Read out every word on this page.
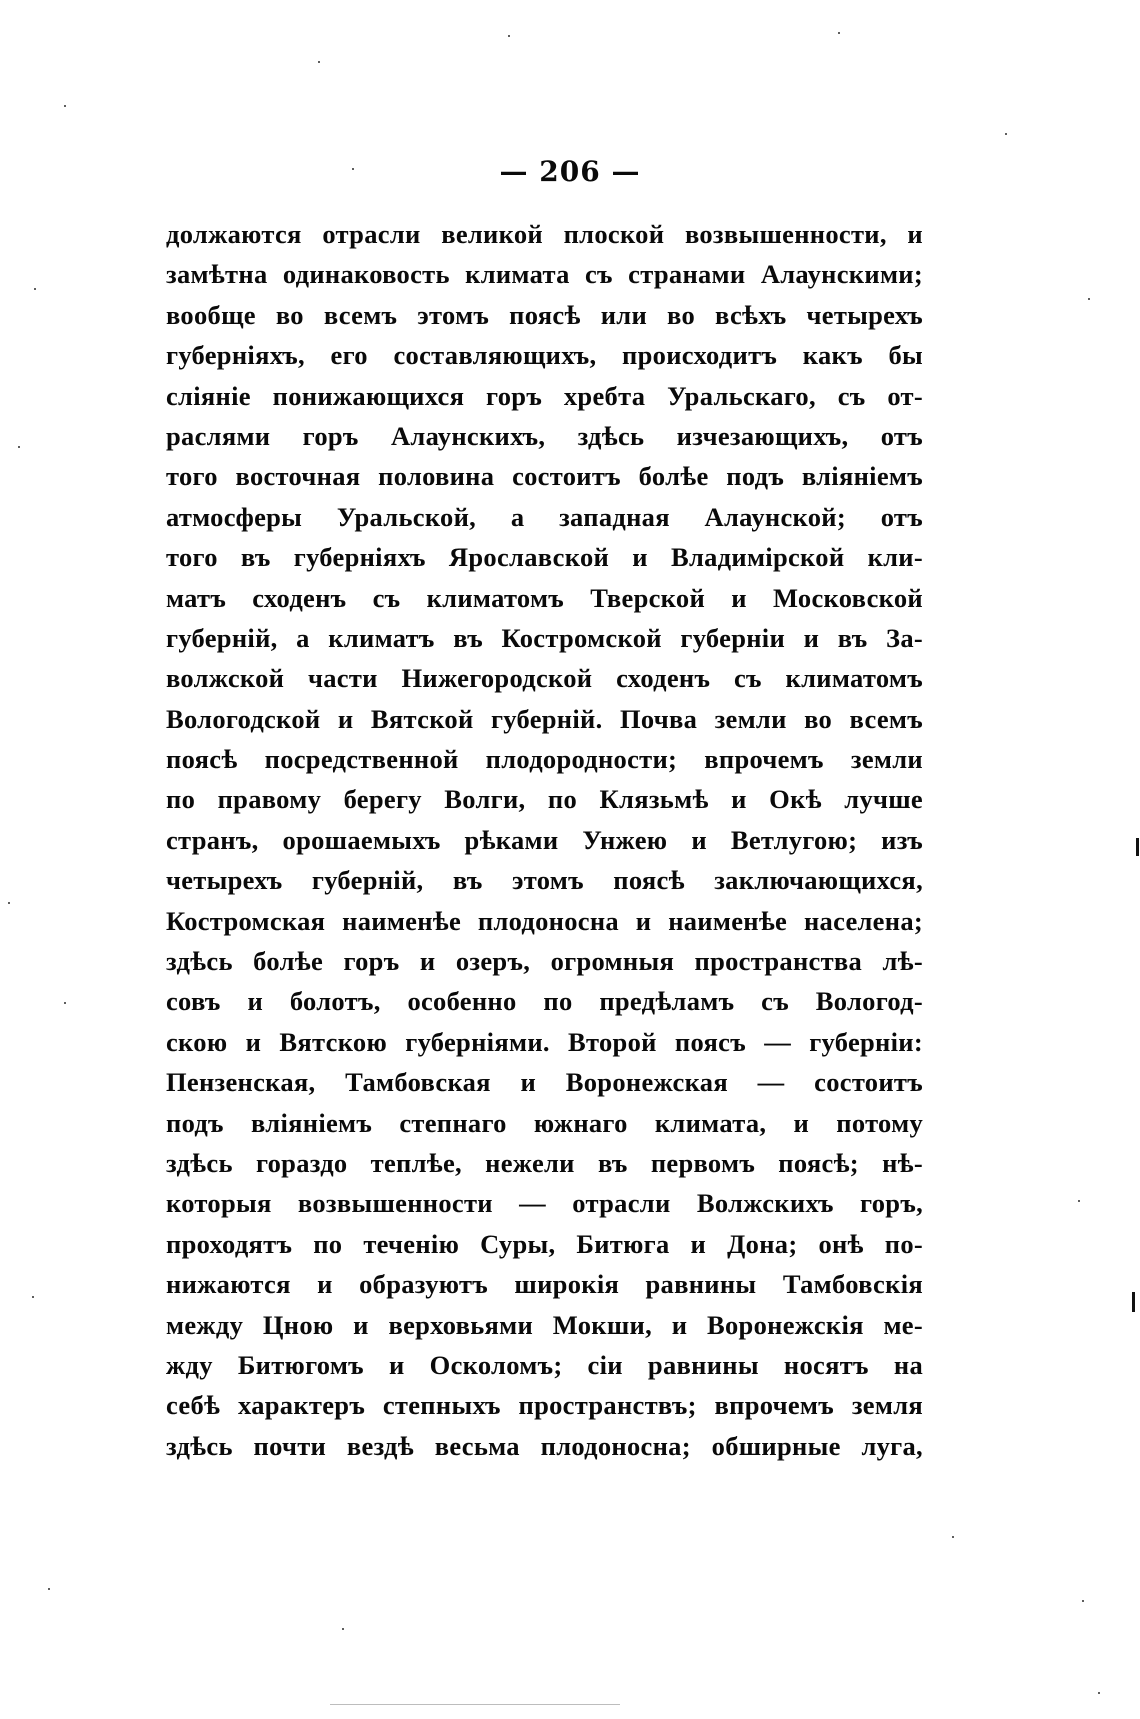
— 206 —
должаются отрасли великой плоской возвышенности, и
замѣтна одинаковость климата съ странами Алаунскими;
вообще во всемъ этомъ поясѣ или во всѣхъ четырехъ
губерніяхъ, его составляющихъ, происходитъ какъ бы
сліяніе понижающихся горъ хребта Уральскаго, съ от-
раслями горъ Алаунскихъ, здѣсь изчезающихъ, отъ
того восточная половина состоитъ болѣе подъ вліяніемъ
атмосферы Уральской, а западная Алаунской; отъ
того въ губерніяхъ Ярославской и Владимірской кли-
матъ сходенъ съ климатомъ Тверской и Московской
губерній, а климатъ въ Костромской губерніи и въ За-
волжской части Нижегородской сходенъ съ климатомъ
Вологодской и Вятской губерній. Почва земли во всемъ
поясѣ посредственной плодородности; впрочемъ земли
по правому берегу Волги, по Клязьмѣ и Окѣ лучше
странъ, орошаемыхъ рѣками Унжею и Ветлугою; изъ
четырехъ губерній, въ этомъ поясѣ заключающихся,
Костромская наименѣе плодоносна и наименѣе населена;
здѣсь болѣе горъ и озеръ, огромныя пространства лѣ-
совъ и болотъ, особенно по предѣламъ съ Вологод-
скою и Вятскою губерніями. Второй поясъ — губерніи:
Пензенская, Тамбовская и Воронежская — состоитъ
подъ вліяніемъ степнаго южнаго климата, и потому
здѣсь гораздо теплѣе, нежели въ первомъ поясѣ; нѣ-
которыя возвышенности — отрасли Волжскихъ горъ,
проходятъ по теченію Суры, Битюга и Дона; онѣ по-
нижаются и образуютъ широкія равнины Тамбовскія
между Цною и верховьями Мокши, и Воронежскія ме-
жду Битюгомъ и Осколомъ; сіи равнины носятъ на
себѣ характеръ степныхъ пространствъ; впрочемъ земля
здѣсь почти вездѣ весьма плодоносна; обширные луга,
